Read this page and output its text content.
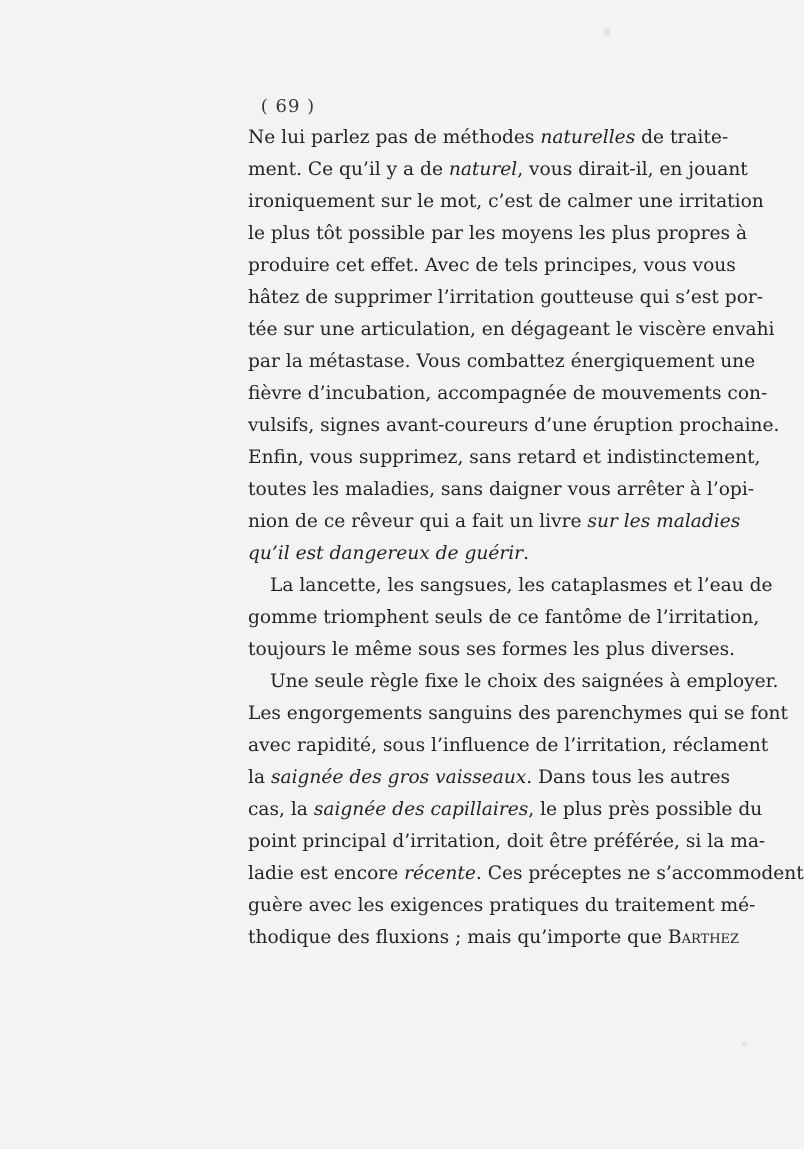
( 69 )
Ne lui parlez pas de méthodes naturelles de traite-
ment. Ce qu’il y a de naturel, vous dirait-il, en jouant
ironiquement sur le mot, c’est de calmer une irritation
le plus tôt possible par les moyens les plus propres à
produire cet effet. Avec de tels principes, vous vous
hâtez de supprimer l’irritation goutteuse qui s’est por-
tée sur une articulation, en dégageant le viscère envahi
par la métastase. Vous combattez énergiquement une
fièvre d’incubation, accompagnée de mouvements con-
vulsifs, signes avant-coureurs d’une éruption prochaine.
Enfin, vous supprimez, sans retard et indistinctement,
toutes les maladies, sans daigner vous arrêter à l’opi-
nion de ce rêveur qui a fait un livre sur les maladies
qu’il est dangereux de guérir.
La lancette, les sangsues, les cataplasmes et l’eau de
gomme triomphent seuls de ce fantôme de l’irritation,
toujours le même sous ses formes les plus diverses.
Une seule règle fixe le choix des saignées à employer.
Les engorgements sanguins des parenchymes qui se font
avec rapidité, sous l’influence de l’irritation, réclament
la saignée des gros vaisseaux. Dans tous les autres
cas, la saignée des capillaires, le plus près possible du
point principal d’irritation, doit être préférée, si la ma-
ladie est encore récente. Ces préceptes ne s’accommodent
guère avec les exigences pratiques du traitement mé-
thodique des fluxions ; mais qu’importe que Barthez
